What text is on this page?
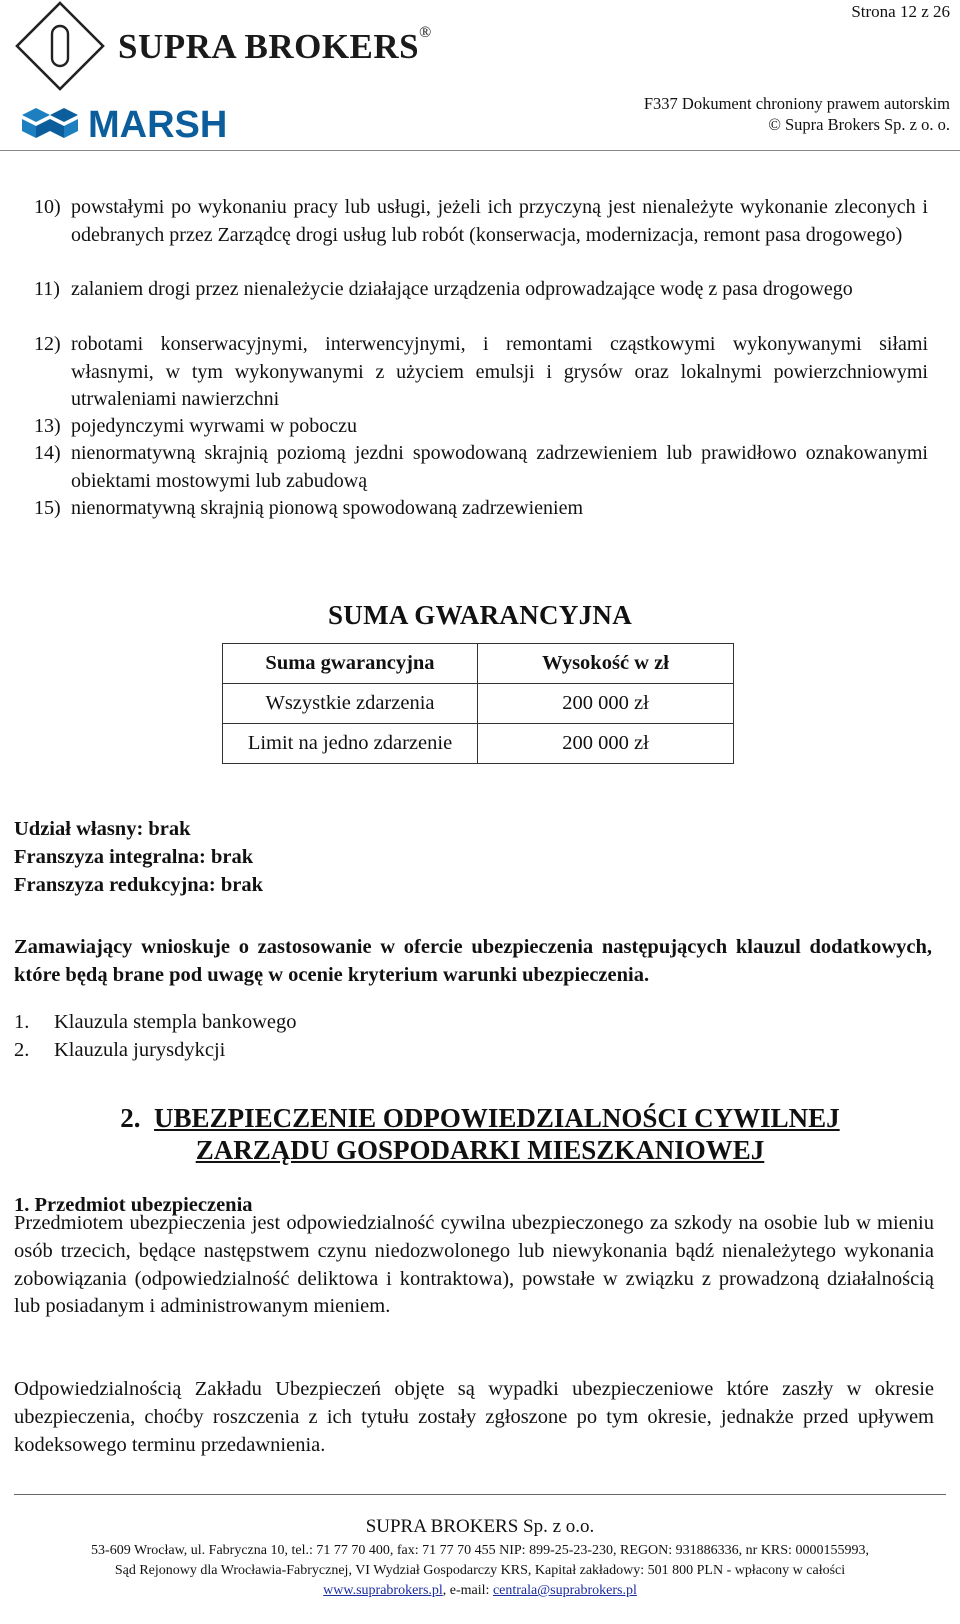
SUPRA BROKERS®
MARSH
Strona 12 z 26
F337 Dokument chroniony prawem autorskim
© Supra Brokers Sp. z o. o.
10) powstałymi po wykonaniu pracy lub usługi, jeżeli ich przyczyną jest nienależyte wykonanie zleconych i odebranych przez Zarządcę drogi usług lub robót (konserwacja, modernizacja, remont pasa drogowego)
11) zalaniem drogi przez nienależycie działające urządzenia odprowadzające wodę z pasa drogowego
12) robotami konserwacyjnymi, interwencyjnymi, i remontami cząstkowymi wykonywanymi siłami własnymi, w tym wykonywanymi z użyciem emulsji i grysów oraz lokalnymi powierzchniowymi utrwaleniami nawierzchni
13) pojedynczymi wyrwami w poboczu
14) nienormatywną skrajnią poziomą jezdni spowodowaną zadrzewieniem lub prawidłowo oznakowanymi obiektami mostowymi lub zabudową
15) nienormatywną skrajnią pionową spowodowaną zadrzewieniem
SUMA GWARANCYJNA
Suma gwarancyjna	Wysokość w zł
Wszystkie zdarzenia	200 000 zł
Limit na jedno zdarzenie	200 000 zł
Udział własny: brak
Franszyza integralna: brak
Franszyza redukcyjna: brak
Zamawiający wnioskuje o zastosowanie w ofercie ubezpieczenia następujących klauzul dodatkowych, które będą brane pod uwagę w ocenie kryterium warunki ubezpieczenia.
1. Klauzula stempla bankowego
2. Klauzula jurysdykcji
2. UBEZPIECZENIE ODPOWIEDZIALNOŚCI CYWILNEJ
ZARZĄDU GOSPODARKI MIESZKANIOWEJ
1. Przedmiot ubezpieczenia
Przedmiotem ubezpieczenia jest odpowiedzialność cywilna ubezpieczonego za szkody na osobie lub w mieniu osób trzecich, będące następstwem czynu niedozwolonego lub niewykonania bądź nienależytego wykonania zobowiązania (odpowiedzialność deliktowa i kontraktowa), powstałe w związku z prowadzoną działalnością lub posiadanym i administrowanym mieniem.
Odpowiedzialnością Zakładu Ubezpieczeń objęte są wypadki ubezpieczeniowe które zaszły w okresie ubezpieczenia, choćby roszczenia z ich tytułu zostały zgłoszone po tym okresie, jednakże przed upływem kodeksowego terminu przedawnienia.
SUPRA BROKERS Sp. z o.o.
53-609 Wrocław, ul. Fabryczna 10, tel.: 71 77 70 400, fax: 71 77 70 455 NIP: 899-25-23-230, REGON: 931886336, nr KRS: 0000155993,
Sąd Rejonowy dla Wrocławia-Fabrycznej, VI Wydział Gospodarczy KRS, Kapitał zakładowy: 501 800 PLN - wpłacony w całości
www.suprabrokers.pl, e-mail: centrala@suprabrokers.pl
